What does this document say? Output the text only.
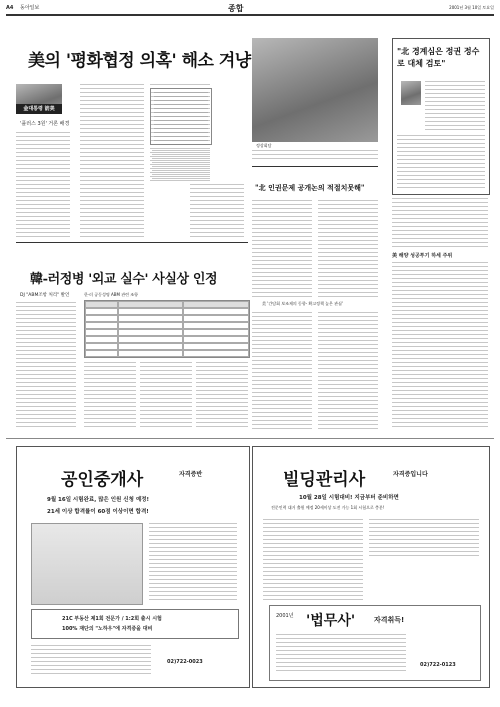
A4 동아일보	종합	2001년 3월 10일 토요일
美의 '평화협정 의혹' 해소 겨냥
金대통령 訪美
'플러스 3원' 거론 배경
정상회담
"北 경계심은 정권 정수로 대체 검토"
"北 인권문제 공개논의 적절치못해"
美 '간담회 보조제의 동향- 확고정책 높은 관심'
美 해양 성공투기 하세 주위
韓-러정병 '외교 실수' 사실상 인정
DJ "ABM조항 처리" 발언	한·러 공동성명 ABM 관련 조항
공인중개사	자격증반
9월 16일 시험완료, 많은 인원 신청 예정!
21세 이상 합격률이 60점 이상이면 합격!
21C 부동산 제1회 전문가 / 1:2회 출시 시험
100% 재단의 "노하우"에 자격증을 대비
02)722-0023
빌딩관리사	자격증입니다
10월 28일 시험대비! 지금부터 준비하면
전문인력 대거 출원 예정 20세이상 도전 가능 1회 시험으로 충분!
2001년 '법무사'	자격취득!
02)722-0123
